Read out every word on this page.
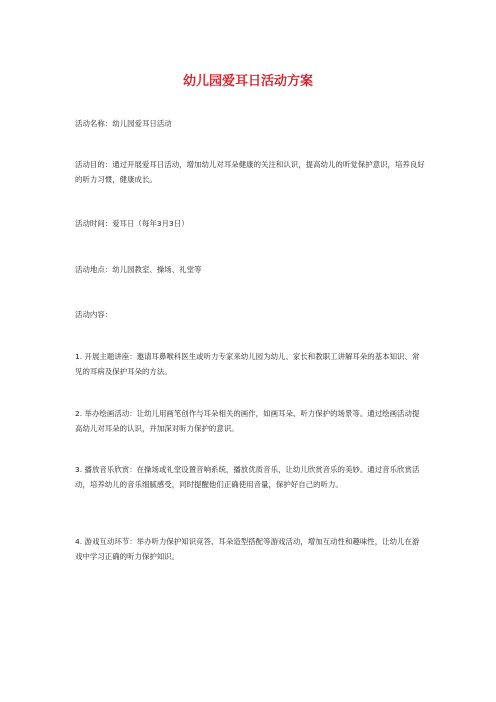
幼儿园爱耳日活动方案

活动名称：幼儿园爱耳日活动

活动目的：通过开展爱耳日活动，增加幼儿对耳朵健康的关注和认识，提高幼儿的听觉保护意识，培养良好的听力习惯，健康成长。

活动时间：爱耳日（每年3月3日）

活动地点：幼儿园教室、操场、礼堂等

活动内容：

1. 开展主题讲座：邀请耳鼻喉科医生或听力专家来幼儿园为幼儿、家长和教职工讲解耳朵的基本知识、常见的耳病及保护耳朵的方法。

2. 举办绘画活动：让幼儿用画笔创作与耳朵相关的画作，如画耳朵、听力保护的场景等。通过绘画活动提高幼儿对耳朵的认识，并加深对听力保护的意识。

3. 播放音乐欣赏：在操场或礼堂设置音响系统，播放优质音乐，让幼儿欣赏音乐的美妙。通过音乐欣赏活动，培养幼儿的音乐细腻感受，同时提醒他们正确使用音量，保护好自己的听力。

4. 游戏互动环节：举办听力保护知识竞答、耳朵造型搭配等游戏活动，增加互动性和趣味性，让幼儿在游戏中学习正确的听力保护知识。
